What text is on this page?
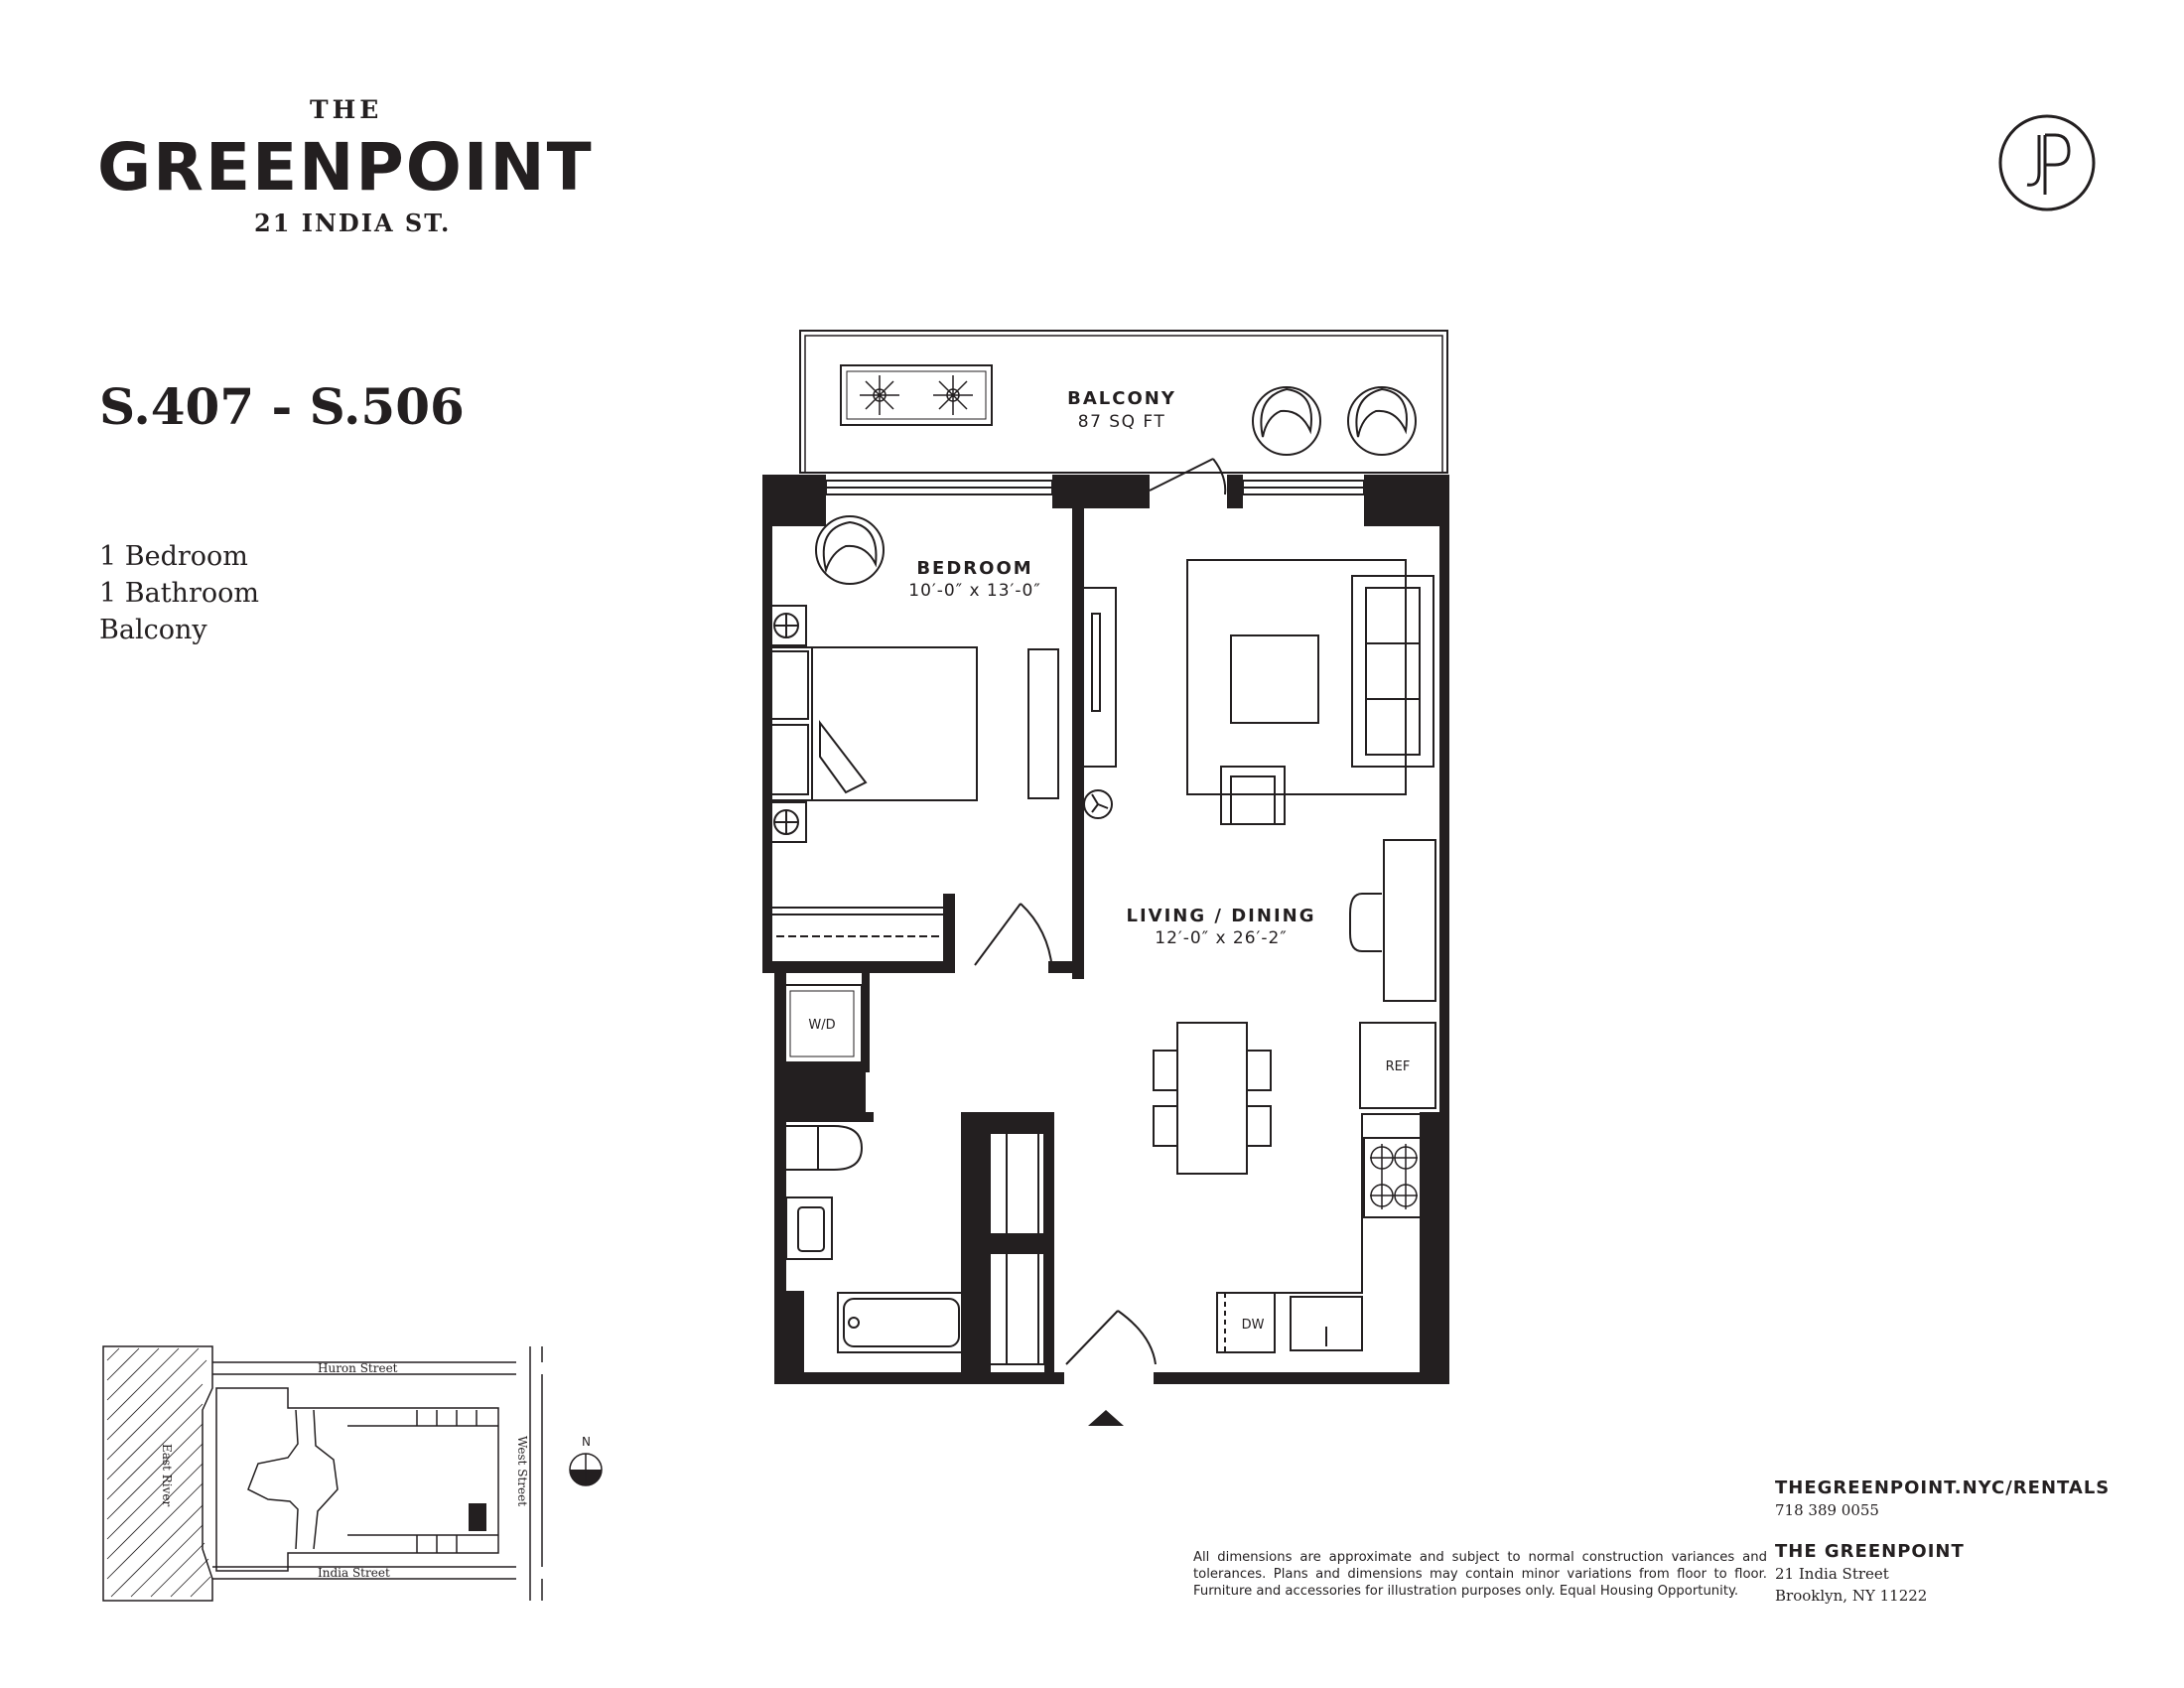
THE
GREENPOINT
21 INDIA ST.
S.407 - S.506
1 Bedroom
1 Bathroom
Balcony
BALCONY
87 SQ FT
BEDROOM
10′-0″ x 13′-0″
LIVING / DINING
12′-0″ x 26′-2″
W/D
REF
DW
N
Huron Street
India Street
West Street
East River
All dimensions are approximate and subject to normal construction variances and tolerances. Plans and dimensions may contain minor variations from floor to floor. Furniture and accessories for illustration purposes only. Equal Housing Opportunity.
THEGREENPOINT.NYC/RENTALS
718 389 0055
THE GREENPOINT
21 India Street
Brooklyn, NY 11222
